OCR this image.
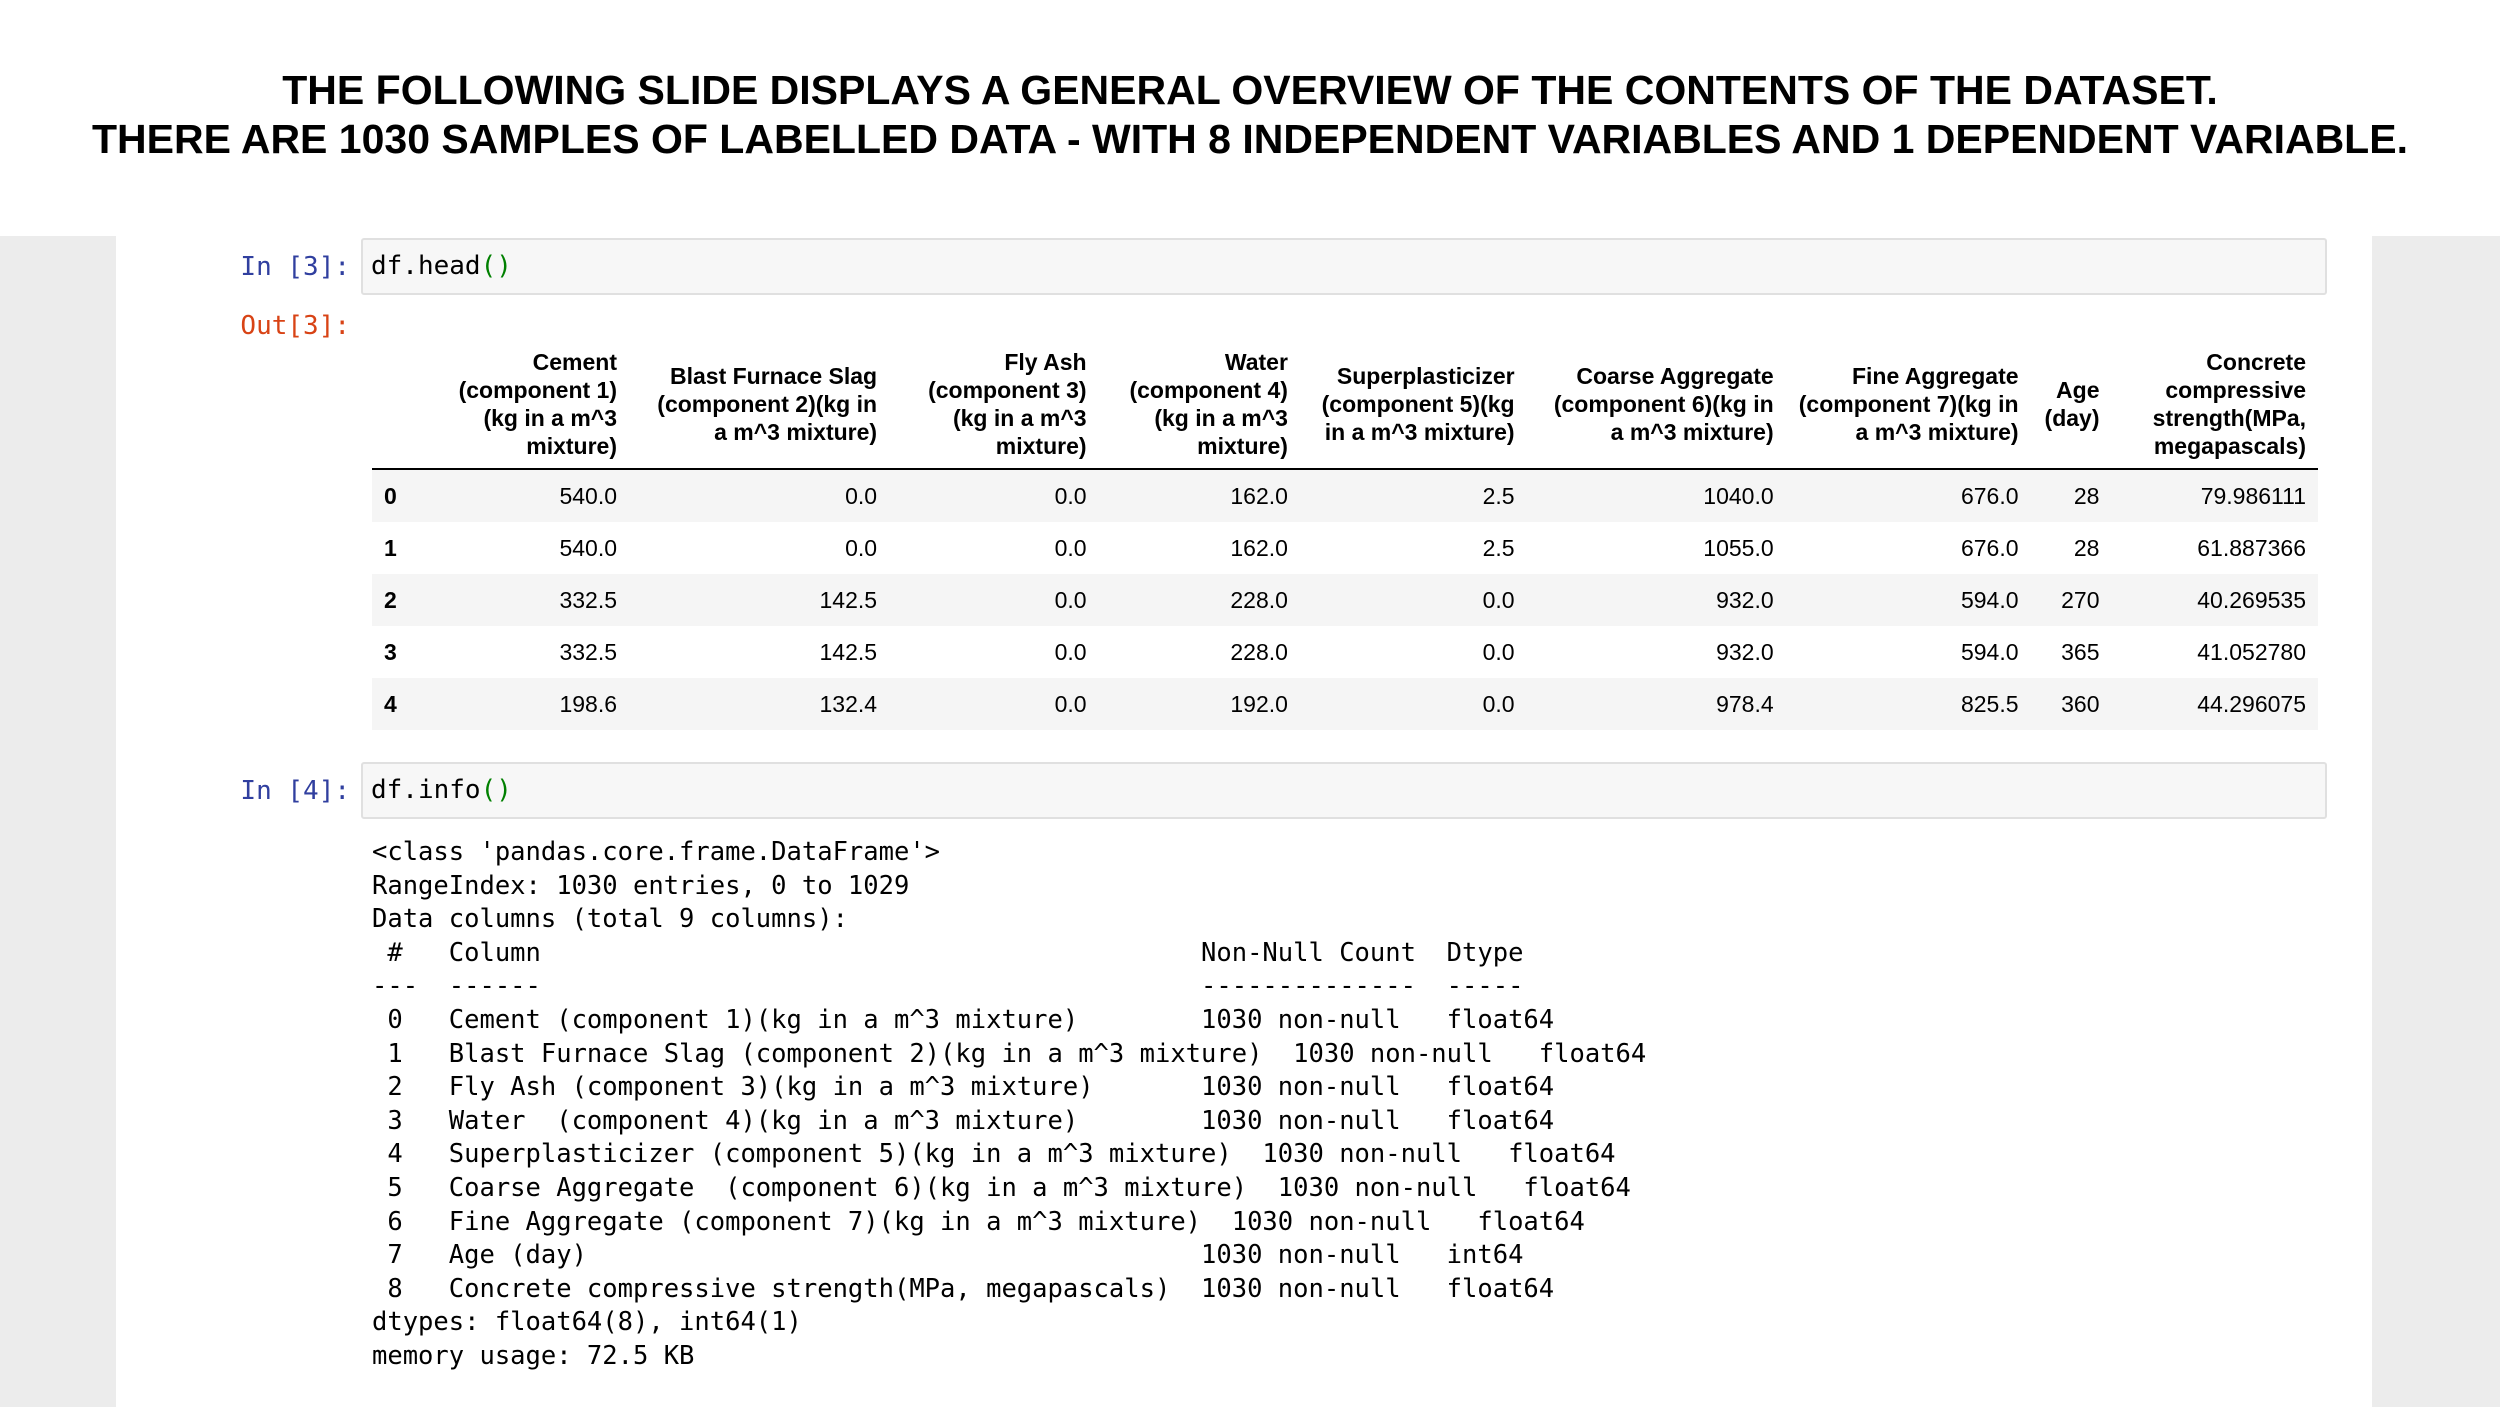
THE FOLLOWING SLIDE DISPLAYS A GENERAL OVERVIEW OF THE CONTENTS OF THE DATASET.
THERE ARE 1030 SAMPLES OF LABELLED DATA - WITH 8 INDEPENDENT VARIABLES AND 1 DEPENDENT VARIABLE.
In [3]: df.head()
Out[3]:
	Cement (component 1)(kg in a m^3 mixture)	Blast Furnace Slag (component 2)(kg in a m^3 mixture)	Fly Ash (component 3)(kg in a m^3 mixture)	Water (component 4)(kg in a m^3 mixture)	Superplasticizer (component 5)(kg in a m^3 mixture)	Coarse Aggregate (component 6)(kg in a m^3 mixture)	Fine Aggregate (component 7)(kg in a m^3 mixture)	Age (day)	Concrete compressive strength(MPa, megapascals)
0	540.0	0.0	0.0	162.0	2.5	1040.0	676.0	28	79.986111
1	540.0	0.0	0.0	162.0	2.5	1055.0	676.0	28	61.887366
2	332.5	142.5	0.0	228.0	0.0	932.0	594.0	270	40.269535
3	332.5	142.5	0.0	228.0	0.0	932.0	594.0	365	41.052780
4	198.6	132.4	0.0	192.0	0.0	978.4	825.5	360	44.296075
In [4]: df.info()
<class 'pandas.core.frame.DataFrame'>
RangeIndex: 1030 entries, 0 to 1029
Data columns (total 9 columns):
#   Column                                           Non-Null Count  Dtype
---  ------                                           --------------  -----
0   Cement (component 1)(kg in a m^3 mixture)        1030 non-null   float64
1   Blast Furnace Slag (component 2)(kg in a m^3 mixture)  1030 non-null   float64
2   Fly Ash (component 3)(kg in a m^3 mixture)       1030 non-null   float64
3   Water  (component 4)(kg in a m^3 mixture)        1030 non-null   float64
4   Superplasticizer (component 5)(kg in a m^3 mixture)  1030 non-null   float64
5   Coarse Aggregate  (component 6)(kg in a m^3 mixture)  1030 non-null   float64
6   Fine Aggregate (component 7)(kg in a m^3 mixture)  1030 non-null   float64
7   Age (day)                                        1030 non-null   int64
8   Concrete compressive strength(MPa, megapascals)  1030 non-null   float64
dtypes: float64(8), int64(1)
memory usage: 72.5 KB
